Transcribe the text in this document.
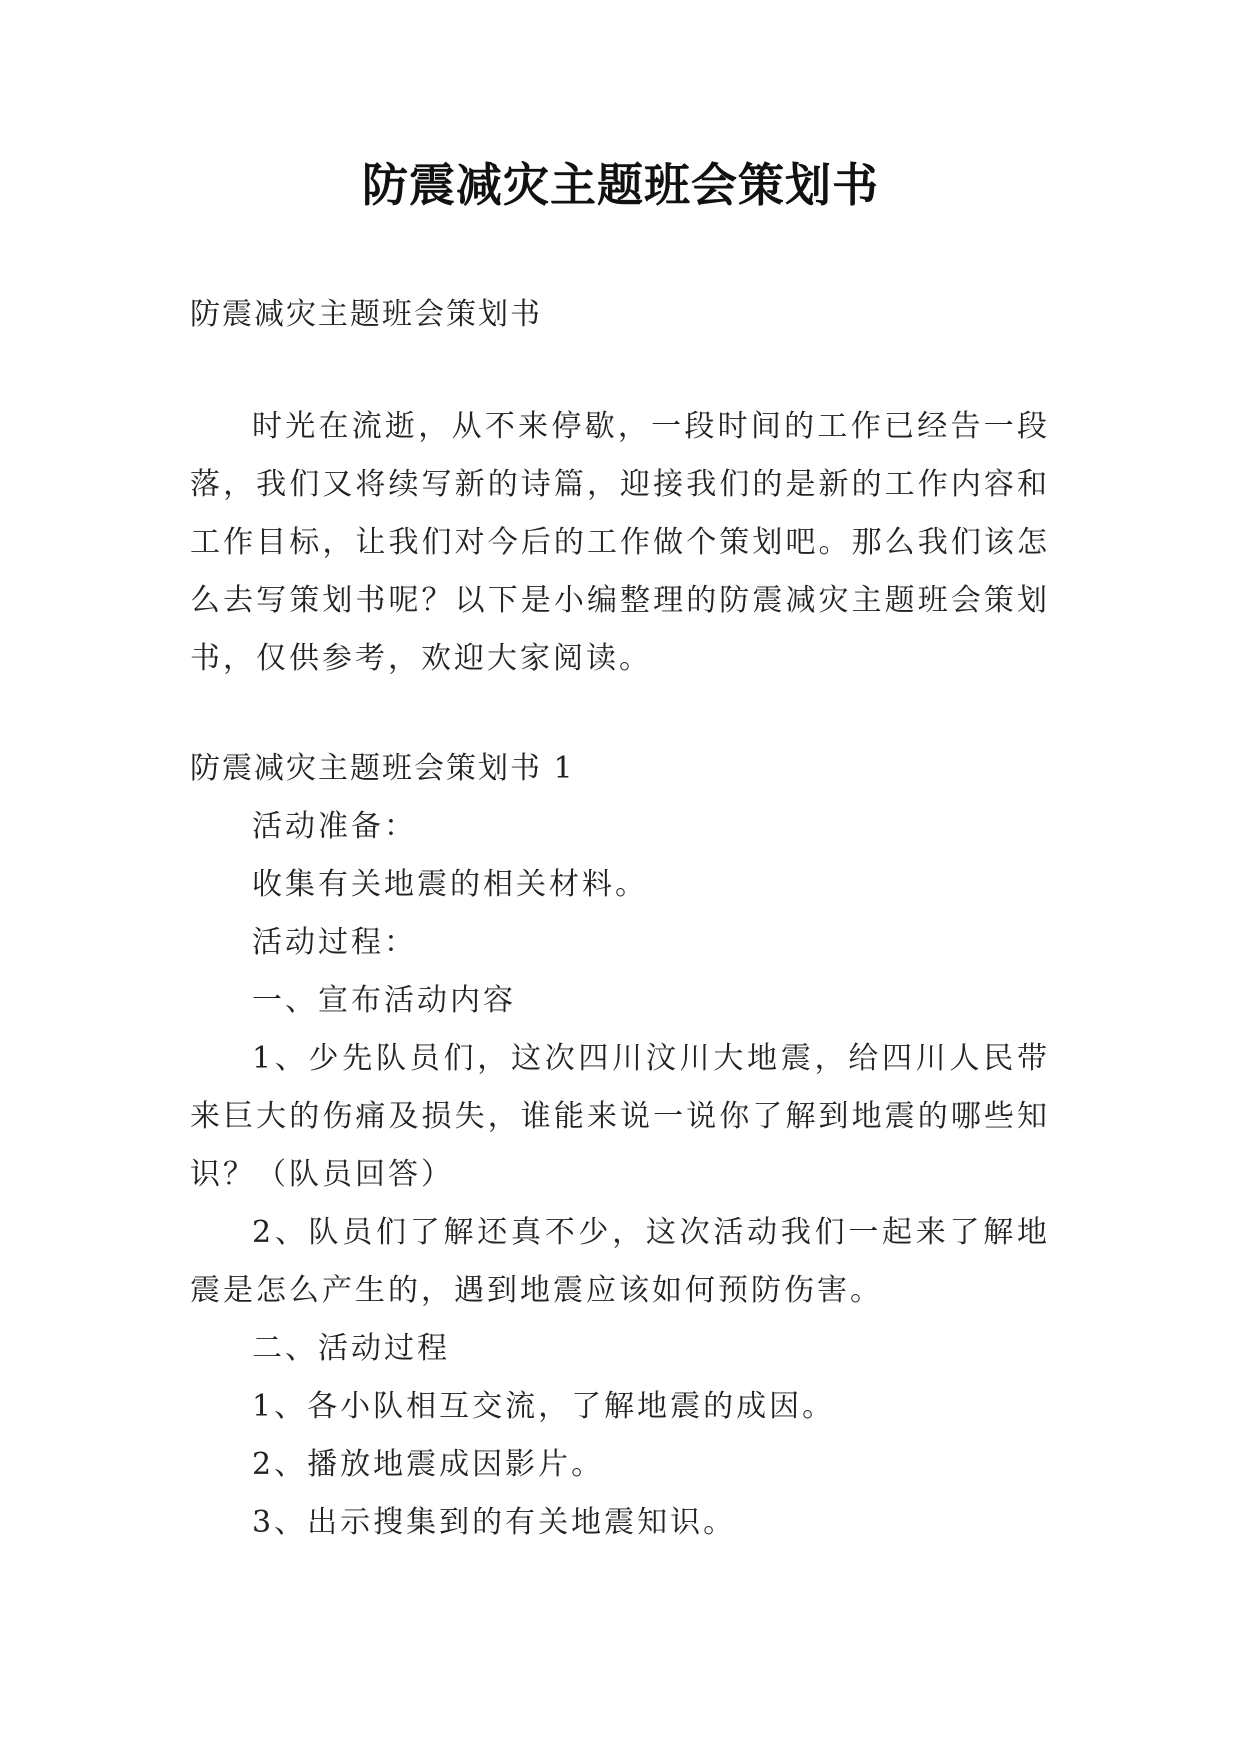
防震减灾主题班会策划书

防震减灾主题班会策划书

时光在流逝，从不来停歇，一段时间的工作已经告一段落，我们又将续写新的诗篇，迎接我们的是新的工作内容和工作目标，让我们对今后的工作做个策划吧。那么我们该怎么去写策划书呢？以下是小编整理的防震减灾主题班会策划书，仅供参考，欢迎大家阅读。

防震减灾主题班会策划书 1

活动准备：

收集有关地震的相关材料。

活动过程：

一、宣布活动内容

1、少先队员们，这次四川汶川大地震，给四川人民带来巨大的伤痛及损失，谁能来说一说你了解到地震的哪些知识？（队员回答）

2、队员们了解还真不少，这次活动我们一起来了解地震是怎么产生的，遇到地震应该如何预防伤害。

二、活动过程

1、各小队相互交流，了解地震的成因。

2、播放地震成因影片。

3、出示搜集到的有关地震知识。
